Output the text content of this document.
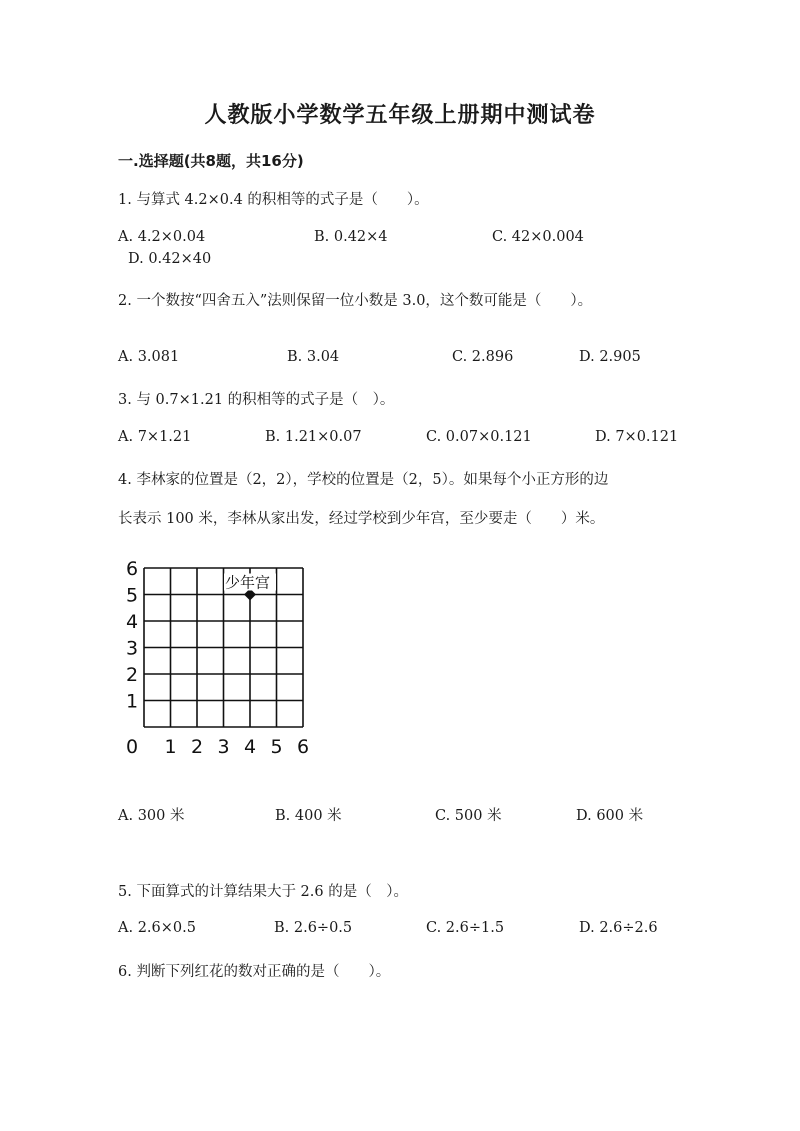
人教版小学数学五年级上册期中测试卷
一.选择题(共8题，共16分)
1. 与算式 4.2×0.4 的积相等的式子是（　　）。
A. 4.2×0.04	B. 0.42×4	C. 42×0.004
D. 0.42×40
2. 一个数按“四舍五入”法则保留一位小数是 3.0，这个数可能是（　　）。
A. 3.081	B. 3.04	C. 2.896	D. 2.905
3. 与 0.7×1.21 的积相等的式子是（　）。
A. 7×1.21	B. 1.21×0.07	C. 0.07×0.121	D. 7×0.121
4. 李林家的位置是（2，2），学校的位置是（2，5）。如果每个小正方形的边
长表示 100 米，李林从家出发，经过学校到少年宫，至少要走（　　）米。
6
5
4
3
2
1
0 1 2 3 4 5 6
少年宫
A. 300 米	B. 400 米	C. 500 米	D. 600 米
5. 下面算式的计算结果大于 2.6 的是（　）。
A. 2.6×0.5	B. 2.6÷0.5	C. 2.6÷1.5	D. 2.6÷2.6
6. 判断下列红花的数对正确的是（　　）。
